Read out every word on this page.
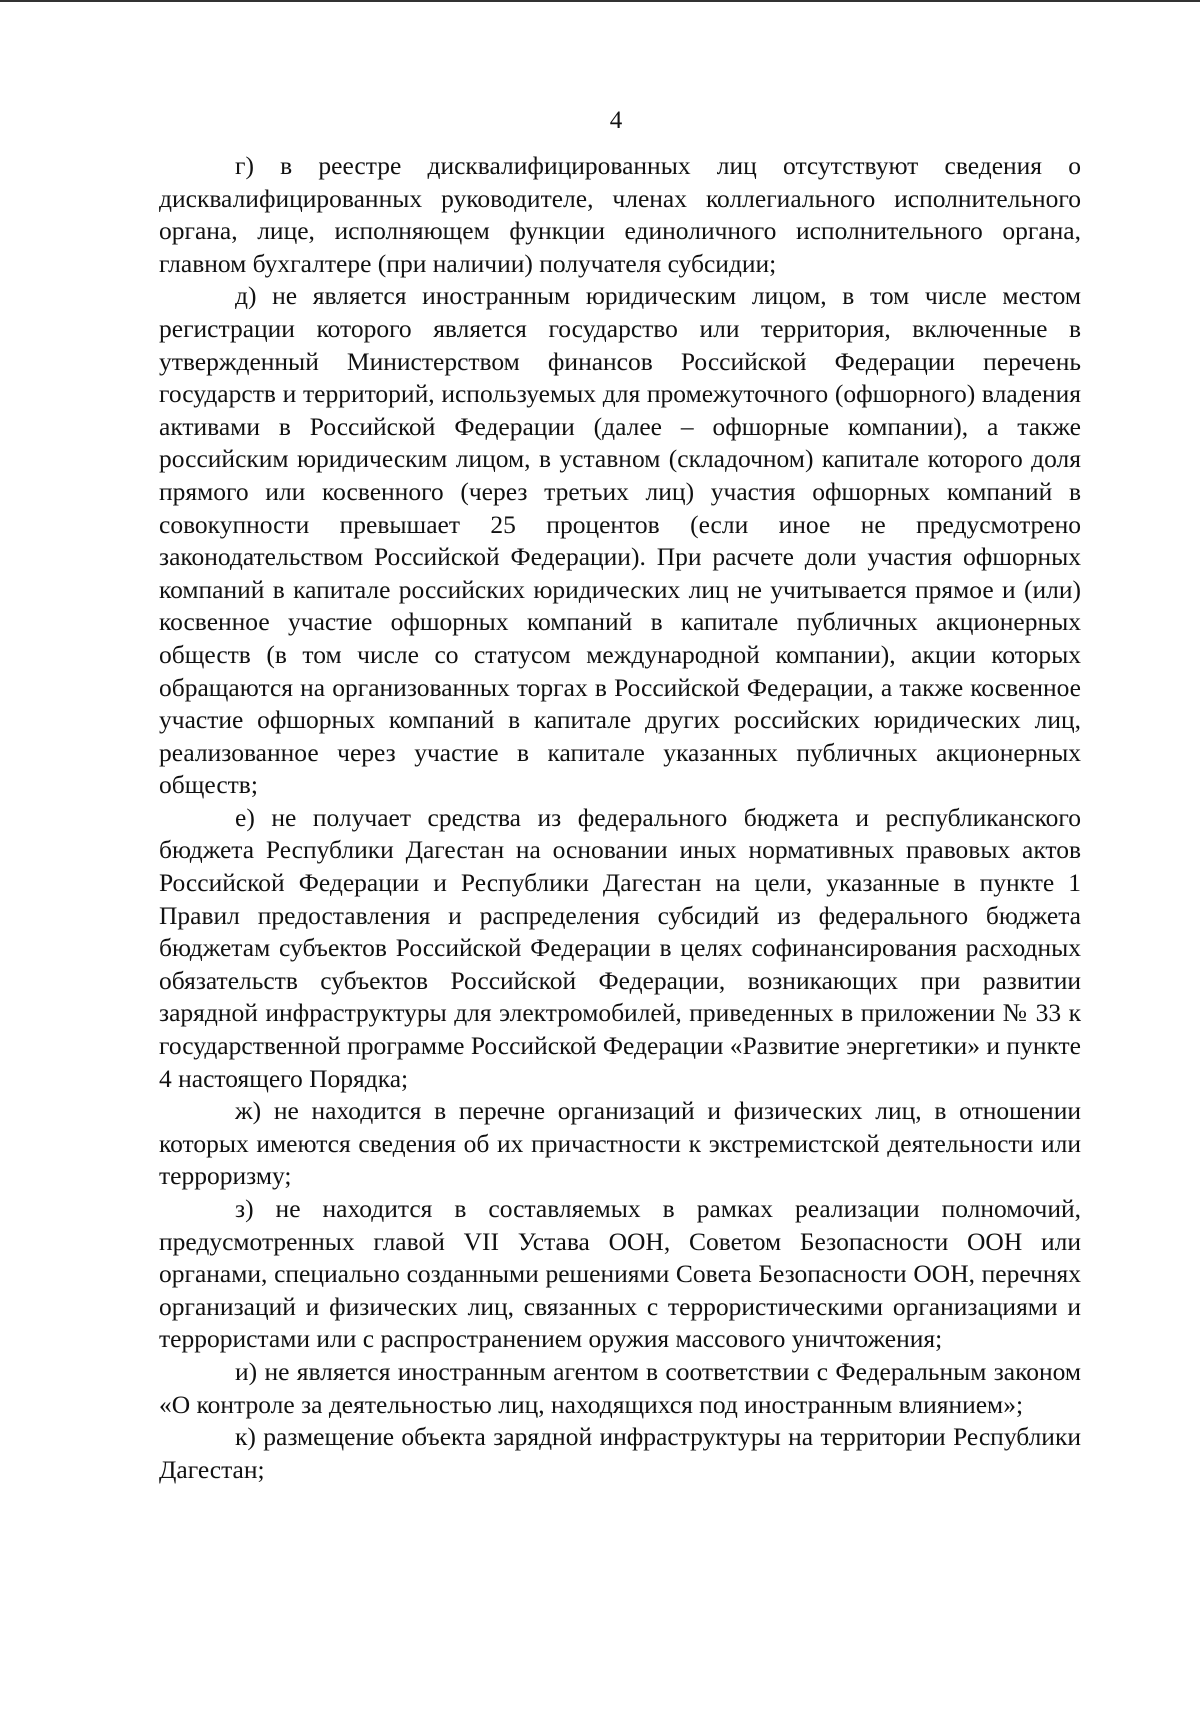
4

г) в реестре дисквалифицированных лиц отсутствуют сведения о дисквалифицированных руководителе, членах коллегиального исполнительного органа, лице, исполняющем функции единоличного исполнительного органа, главном бухгалтере (при наличии) получателя субсидии;

д) не является иностранным юридическим лицом, в том числе местом регистрации которого является государство или территория, включенные в утвержденный Министерством финансов Российской Федерации перечень государств и территорий, используемых для промежуточного (офшорного) владения активами в Российской Федерации (далее – офшорные компании), а также российским юридическим лицом, в уставном (складочном) капитале которого доля прямого или косвенного (через третьих лиц) участия офшорных компаний в совокупности превышает 25 процентов (если иное не предусмотрено законодательством Российской Федерации). При расчете доли участия офшорных компаний в капитале российских юридических лиц не учитывается прямое и (или) косвенное участие офшорных компаний в капитале публичных акционерных обществ (в том числе со статусом международной компании), акции которых обращаются на организованных торгах в Российской Федерации, а также косвенное участие офшорных компаний в капитале других российских юридических лиц, реализованное через участие в капитале указанных публичных акционерных обществ;

е) не получает средства из федерального бюджета и республиканского бюджета Республики Дагестан на основании иных нормативных правовых актов Российской Федерации и Республики Дагестан на цели, указанные в пункте 1 Правил предоставления и распределения субсидий из федерального бюджета бюджетам субъектов Российской Федерации в целях софинансирования расходных обязательств субъектов Российской Федерации, возникающих при развитии зарядной инфраструктуры для электромобилей, приведенных в приложении № 33 к государственной программе Российской Федерации «Развитие энергетики» и пункте 4 настоящего Порядка;

ж) не находится в перечне организаций и физических лиц, в отношении которых имеются сведения об их причастности к экстремистской деятельности или терроризму;

з) не находится в составляемых в рамках реализации полномочий, предусмотренных главой VII Устава ООН, Советом Безопасности ООН или органами, специально созданными решениями Совета Безопасности ООН, перечнях организаций и физических лиц, связанных с террористическими организациями и террористами или с распространением оружия массового уничтожения;

и) не является иностранным агентом в соответствии с Федеральным законом «О контроле за деятельностью лиц, находящихся под иностранным влиянием»;

к) размещение объекта зарядной инфраструктуры на территории Республики Дагестан;
